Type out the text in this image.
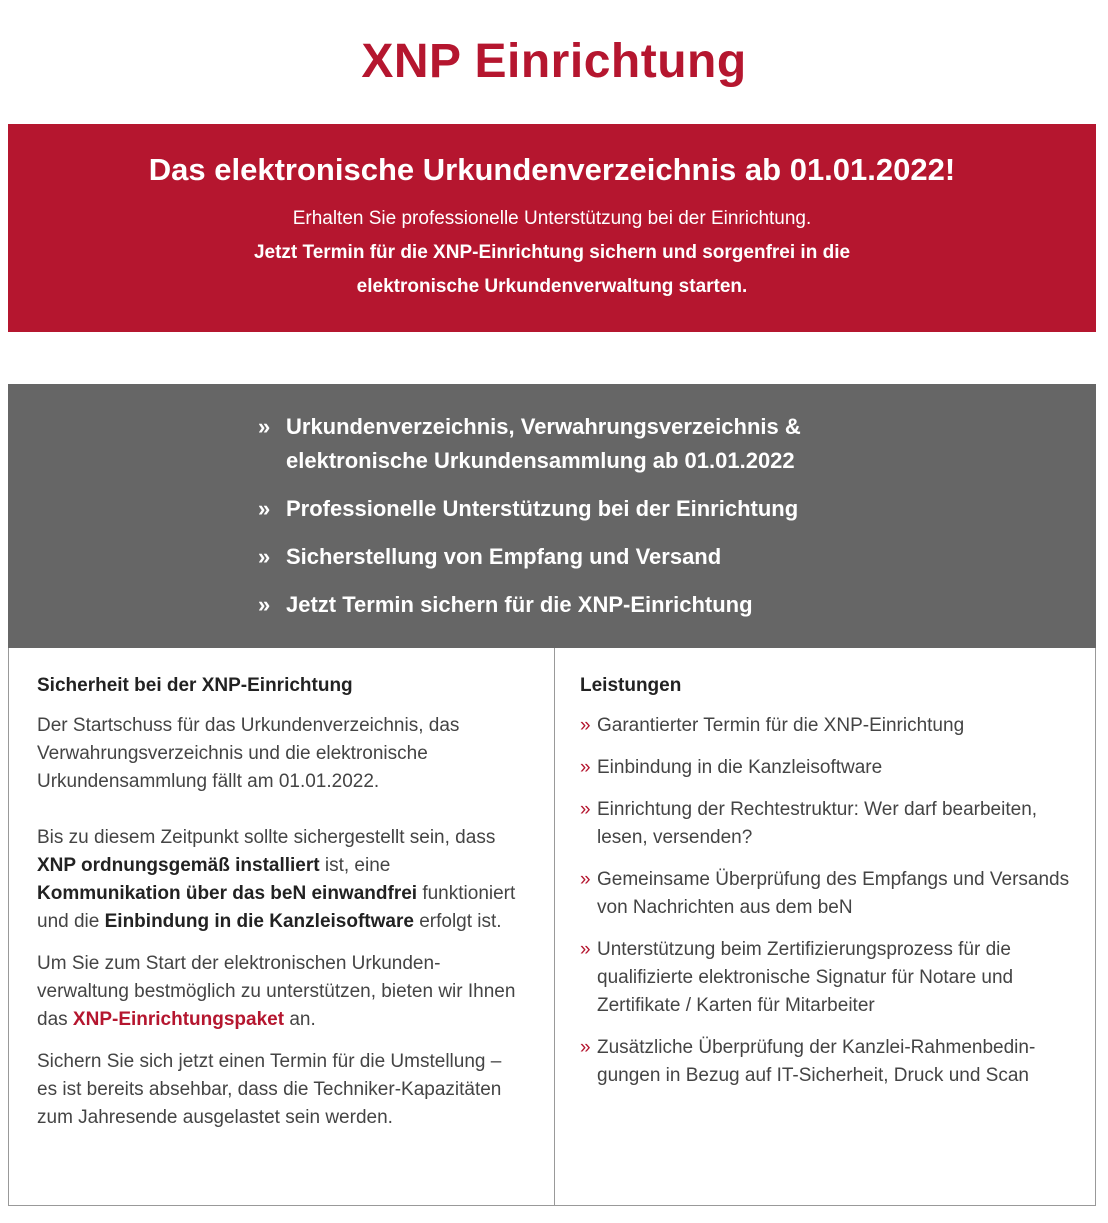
XNP Einrichtung
Das elektronische Urkundenverzeichnis ab 01.01.2022!
Erhalten Sie professionelle Unterstützung bei der Einrichtung.
Jetzt Termin für die XNP-Einrichtung sichern und sorgenfrei in die elektronische Urkundenverwaltung starten.
» Urkundenverzeichnis, Verwahrungsverzeichnis & elektronische Urkundensammlung ab 01.01.2022
» Professionelle Unterstützung bei der Einrichtung
» Sicherstellung von Empfang und Versand
» Jetzt Termin sichern für die XNP-Einrichtung
Sicherheit bei der XNP-Einrichtung

Der Startschuss für das Urkundenverzeichnis, das Verwahrungsverzeichnis und die elektronische Urkundensammlung fällt am 01.01.2022.

Bis zu diesem Zeitpunkt sollte sichergestellt sein, dass XNP ordnungsgemäß installiert ist, eine Kommunikation über das beN einwandfrei funktioniert und die Einbindung in die Kanzleisoftware erfolgt ist.

Um Sie zum Start der elektronischen Urkundenverwaltung bestmöglich zu unterstützen, bieten wir Ihnen das XNP-Einrichtungspaket an.

Sichern Sie sich jetzt einen Termin für die Umstellung – es ist bereits absehbar, dass die Techniker-Kapazitäten zum Jahresende ausgelastet sein werden.

Leistungen
» Garantierter Termin für die XNP-Einrichtung
» Einbindung in die Kanzleisoftware
» Einrichtung der Rechtestruktur: Wer darf bearbeiten, lesen, versenden?
» Gemeinsame Überprüfung des Empfangs und Versands von Nachrichten aus dem beN
» Unterstützung beim Zertifizierungsprozess für die qualifizierte elektronische Signatur für Notare und Zertifikate / Karten für Mitarbeiter
» Zusätzliche Überprüfung der Kanzlei-Rahmenbedingungen in Bezug auf IT-Sicherheit, Druck und Scan
